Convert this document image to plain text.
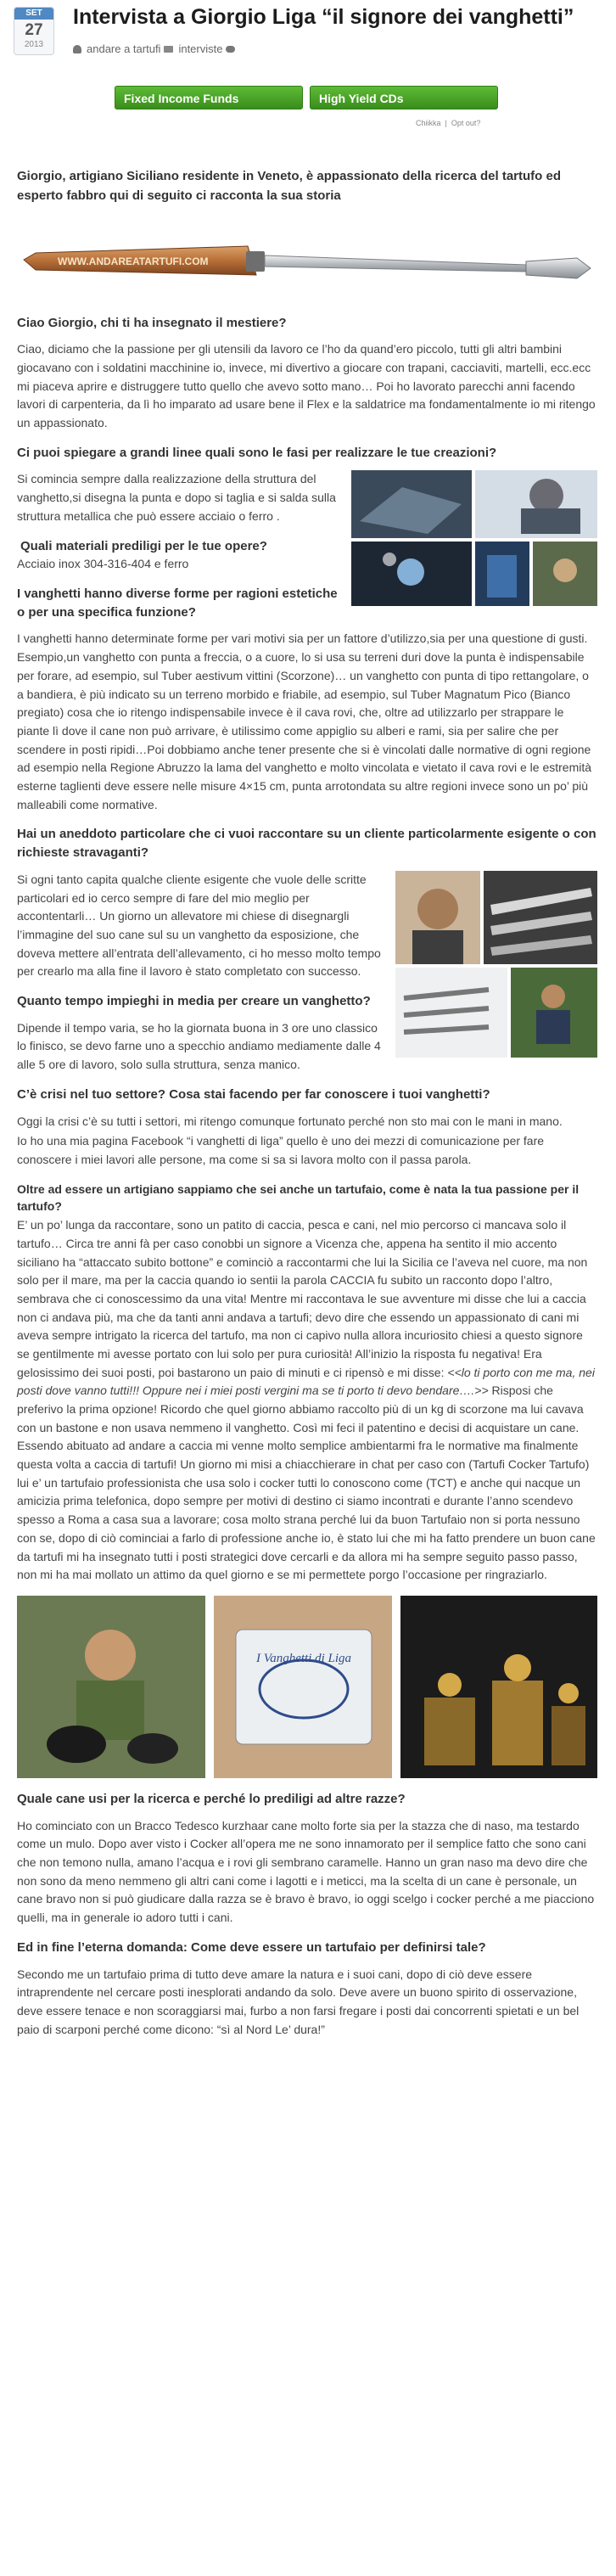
SET
27
2013
Intervista a Giorgio Liga “il signore dei vanghetti”
andare a tartufi interviste
Fixed Income Funds	High Yield CDs
Chiikka  |  Opt out?

Giorgio, artigiano Siciliano residente in Veneto, è appassionato della ricerca del tartufo ed esperto fabbro qui di seguito ci racconta la sua storia

WWW.ANDAREATARTUFI.COM
Ciao Giorgio, chi ti ha insegnato il mestiere?

Ciao, diciamo che la passione per gli utensili da lavoro ce l’ho da quand’ero piccolo, tutti gli altri bambini giocavano con i soldatini macchinine io, invece, mi divertivo a giocare con trapani, cacciaviti, martelli, ecc.ecc mi piaceva aprire e distruggere tutto quello che avevo sotto mano… Poi ho lavorato parecchi anni facendo lavori di carpenteria, da lì ho imparato ad usare bene il Flex e la saldatrice ma fondamentalmente io mi ritengo un appassionato.

Ci puoi spiegare a grandi linee quali sono le fasi per realizzare le tue creazioni?

Si comincia sempre dalla realizzazione della struttura del vanghetto,si disegna la punta e dopo si taglia e si salda sulla struttura metallica che può essere acciaio o ferro .

Quali materiali prediligi per le tue opere?

Acciaio inox 304-316-404 e ferro

I vanghetti hanno diverse forme per ragioni estetiche o per una specifica funzione?

I vanghetti hanno determinate forme per vari motivi sia per un fattore d’utilizzo,sia per una questione di gusti. Esempio,un vanghetto con punta a freccia, o a cuore, lo si usa su terreni duri dove la punta è indispensabile per forare, ad esempio, sul Tuber aestivum vittini (Scorzone)… un vanghetto con punta di tipo rettangolare, o a bandiera, è più indicato su un terreno morbido e friabile, ad esempio, sul Tuber Magnatum Pico (Bianco pregiato) cosa che io ritengo indispensabile invece è il cava rovi, che, oltre ad utilizzarlo per strappare le piante lì dove il cane non può arrivare, è utilissimo come appiglio su alberi e rami, sia per salire che per scendere in posti ripidi…Poi dobbiamo anche tener presente che si è vincolati dalle normative di ogni regione ad esempio nella Regione Abruzzo la lama del vanghetto e molto vincolata e vietato il cava rovi e le estremità esterne taglienti deve essere nelle misure 4×15 cm, punta arrotondata su altre regioni invece sono un po’ più malleabili come normative.

Hai un aneddoto particolare che ci vuoi raccontare su un cliente particolarmente esigente o con richieste stravaganti?

Si ogni tanto capita qualche cliente esigente che vuole delle scritte particolari ed io cerco sempre di fare del mio meglio per accontentarli… Un giorno un allevatore mi chiese di disegnargli l’immagine del suo cane sul su un vanghetto da esposizione, che doveva mettere all’entrata dell’allevamento, ci ho messo molto tempo per crearlo ma alla fine il lavoro è stato completato con successo.

Quanto tempo impieghi in media per creare un vanghetto?

Dipende il tempo varia, se ho la giornata buona in 3 ore uno classico lo finisco, se devo farne uno a specchio andiamo mediamente dalle 4 alle 5 ore di lavoro, solo sulla struttura, senza manico.

C’è crisi nel tuo settore? Cosa stai facendo per far conoscere i tuoi vanghetti?

Oggi la crisi c’è su tutti i settori, mi ritengo comunque fortunato perché non sto mai con le mani in mano.

Io ho una mia pagina Facebook “i vanghetti di liga” quello è uno dei mezzi di comunicazione per fare conoscere i miei lavori alle persone, ma come si sa si lavora molto con il passa parola.

Oltre ad essere un artigiano sappiamo che sei anche un tartufaio, come è nata la tua passione per il tartufo?

E’ un po’ lunga da raccontare, sono un patito di caccia, pesca e cani, nel mio percorso ci mancava solo il tartufo… Circa tre anni fà per caso conobbi un signore a Vicenza che, appena ha sentito il mio accento siciliano ha “attaccato subito bottone” e cominciò a raccontarmi che lui la Sicilia ce l’aveva nel cuore, ma non solo per il mare, ma per la caccia quando io sentii la parola CACCIA fu subito un racconto dopo l’altro, sembrava che ci conoscessimo da una vita! Mentre mi raccontava le sue avventure mi disse che lui a caccia non ci andava più, ma che da tanti anni andava a tartufi; devo dire che essendo un appassionato di cani mi aveva sempre intrigato la ricerca del tartufo, ma non ci capivo nulla allora incuriosito chiesi a questo signore se gentilmente mi avesse portato con lui solo per pura curiosità! All’inizio la risposta fu negativa! Era gelosissimo dei suoi posti, poi bastarono un paio di minuti e ci ripensò e mi disse: <<lo ti porto con me ma, nei posti dove vanno tutti!!! Oppure nei i miei posti vergini ma se ti porto ti devo bendare….>> Risposi che preferivo la prima opzione! Ricordo che quel giorno abbiamo raccolto più di un kg di scorzone ma lui cavava con un bastone e non usava nemmeno il vanghetto. Così mi feci il patentino e decisi di acquistare un cane. Essendo abituato ad andare a caccia mi venne molto semplice ambientarmi fra le normative ma finalmente questa volta a caccia di tartufi! Un giorno mi misi a chiacchierare in chat per caso con (Tartufi Cocker Tartufo) lui e’ un tartufaio professionista che usa solo i cocker tutti lo conoscono come (TCT) e anche qui nacque un amicizia prima telefonica, dopo sempre per motivi di destino ci siamo incontrati e durante l’anno scendevo spesso a Roma a casa sua a lavorare; cosa molto strana perché lui da buon Tartufaio non si porta nessuno con se, dopo di ciò cominciai a farlo di professione anche io, è stato lui che mi ha fatto prendere un buon cane da tartufi mi ha insegnato tutti i posti strategici dove cercarli e da allora mi ha sempre seguito passo passo, non mi ha mai mollato un attimo da quel giorno e se mi permettete porgo l’occasione per ringraziarlo.

I Vanghetti di Liga
Quale cane usi per la ricerca e perché lo prediligi ad altre razze?

Ho cominciato con un Bracco Tedesco kurzhaar cane molto forte sia per la stazza che di naso, ma testardo come un mulo. Dopo aver visto i Cocker all’opera me ne sono innamorato per il semplice fatto che sono cani che non temono nulla, amano l’acqua e i rovi gli sembrano caramelle. Hanno un gran naso ma devo dire che non sono da meno nemmeno gli altri cani come i lagotti e i meticci, ma la scelta di un cane è personale, un cane bravo non si può giudicare dalla razza se è bravo è bravo, io oggi scelgo i cocker perché a me piacciono quelli, ma in generale io adoro tutti i cani.

Ed in fine l’eterna domanda: Come deve essere un tartufaio per definirsi tale?

Secondo me un tartufaio prima di tutto deve amare la natura e i suoi cani, dopo di ciò deve essere intraprendente nel cercare posti inesplorati andando da solo. Deve avere un buono spirito di osservazione, deve essere tenace e non scoraggiarsi mai, furbo a non farsi fregare i posti dai concorrenti spietati e un bel paio di scarponi perché come dicono: “sì al Nord Le’ dura!”
